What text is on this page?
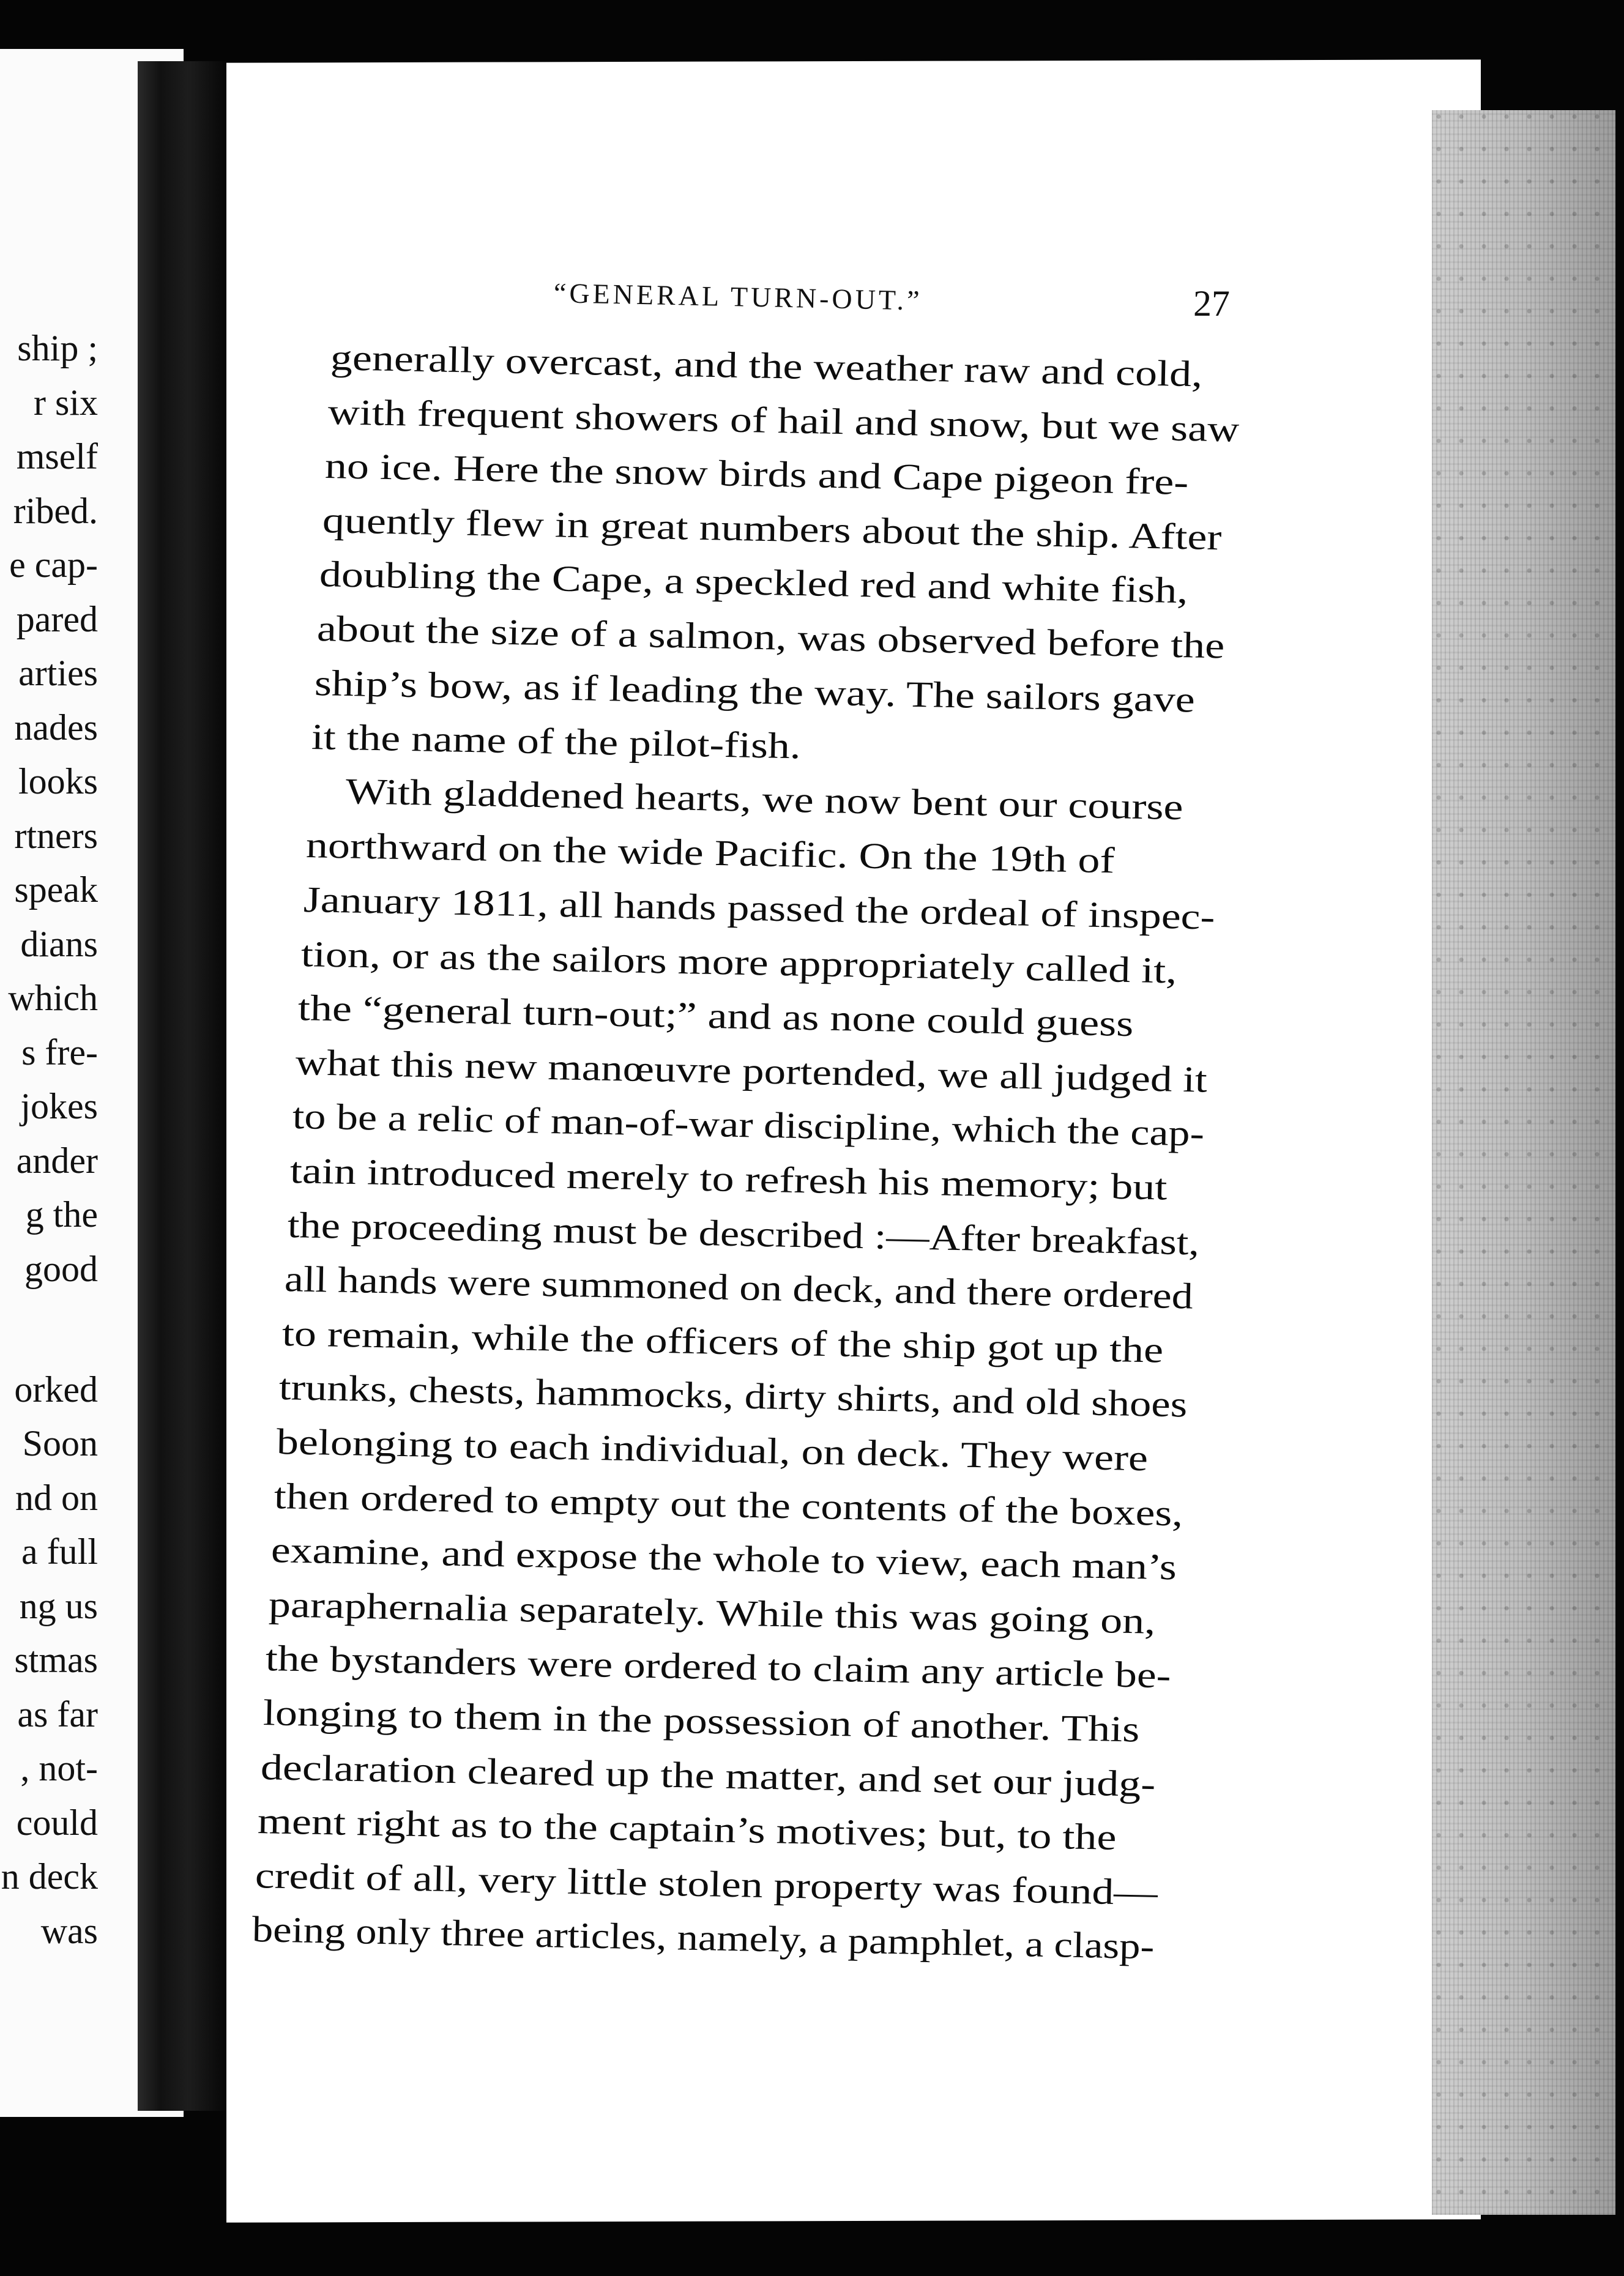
ship ;
r six
mself
ribed.
e cap-
pared
arties
nades
looks
rtners
speak
dians
which
s fre-
jokes
ander
g the
good
orked
Soon
nd on
a full
ng us
stmas
as far
, not-
could
n deck
was
“GENERAL TURN-OUT.”	27
generally overcast, and the weather raw and cold,
with frequent showers of hail and snow, but we saw
no ice. Here the snow birds and Cape pigeon fre-
quently flew in great numbers about the ship. After
doubling the Cape, a speckled red and white fish,
about the size of a salmon, was observed before the
ship’s bow, as if leading the way. The sailors gave
it the name of the pilot-fish.
With gladdened hearts, we now bent our course
northward on the wide Pacific. On the 19th of
January 1811, all hands passed the ordeal of inspec-
tion, or as the sailors more appropriately called it,
the “general turn-out;” and as none could guess
what this new manœuvre portended, we all judged it
to be a relic of man-of-war discipline, which the cap-
tain introduced merely to refresh his memory; but
the proceeding must be described :—After breakfast,
all hands were summoned on deck, and there ordered
to remain, while the officers of the ship got up the
trunks, chests, hammocks, dirty shirts, and old shoes
belonging to each individual, on deck. They were
then ordered to empty out the contents of the boxes,
examine, and expose the whole to view, each man’s
paraphernalia separately. While this was going on,
the bystanders were ordered to claim any article be-
longing to them in the possession of another. This
declaration cleared up the matter, and set our judg-
ment right as to the captain’s motives; but, to the
credit of all, very little stolen property was found—
being only three articles, namely, a pamphlet, a clasp-
